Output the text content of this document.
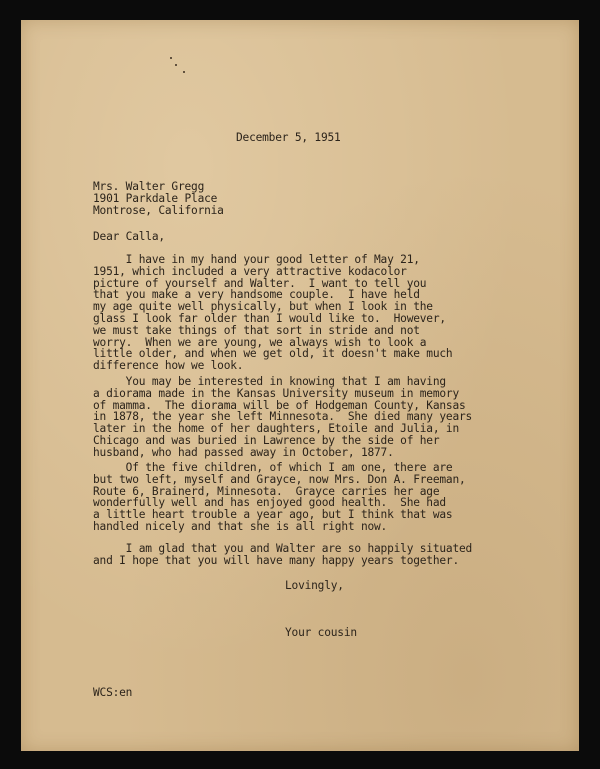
December 5, 1951

Mrs. Walter Gregg
1901 Parkdale Place
Montrose, California

Dear Calla,

I have in my hand your good letter of May 21,
1951, which included a very attractive kodacolor
picture of yourself and Walter.  I want to tell you
that you make a very handsome couple.  I have held
my age quite well physically, but when I look in the
glass I look far older than I would like to.  However,
we must take things of that sort in stride and not
worry.  When we are young, we always wish to look a
little older, and when we get old, it doesn't make much
difference how we look.
You may be interested in knowing that I am having
a diorama made in the Kansas University museum in memory
of mamma.  The diorama will be of Hodgeman County, Kansas
in 1878, the year she left Minnesota.  She died many years
later in the home of her daughters, Etoile and Julia, in
Chicago and was buried in Lawrence by the side of her
husband, who had passed away in October, 1877.
Of the five children, of which I am one, there are
but two left, myself and Grayce, now Mrs. Don A. Freeman,
Route 6, Brainerd, Minnesota.  Grayce carries her age
wonderfully well and has enjoyed good health.  She had
a little heart trouble a year ago, but I think that was
handled nicely and that she is all right now.
I am glad that you and Walter are so happily situated
and I hope that you will have many happy years together.

Lovingly,

Your cousin

WCS:en
